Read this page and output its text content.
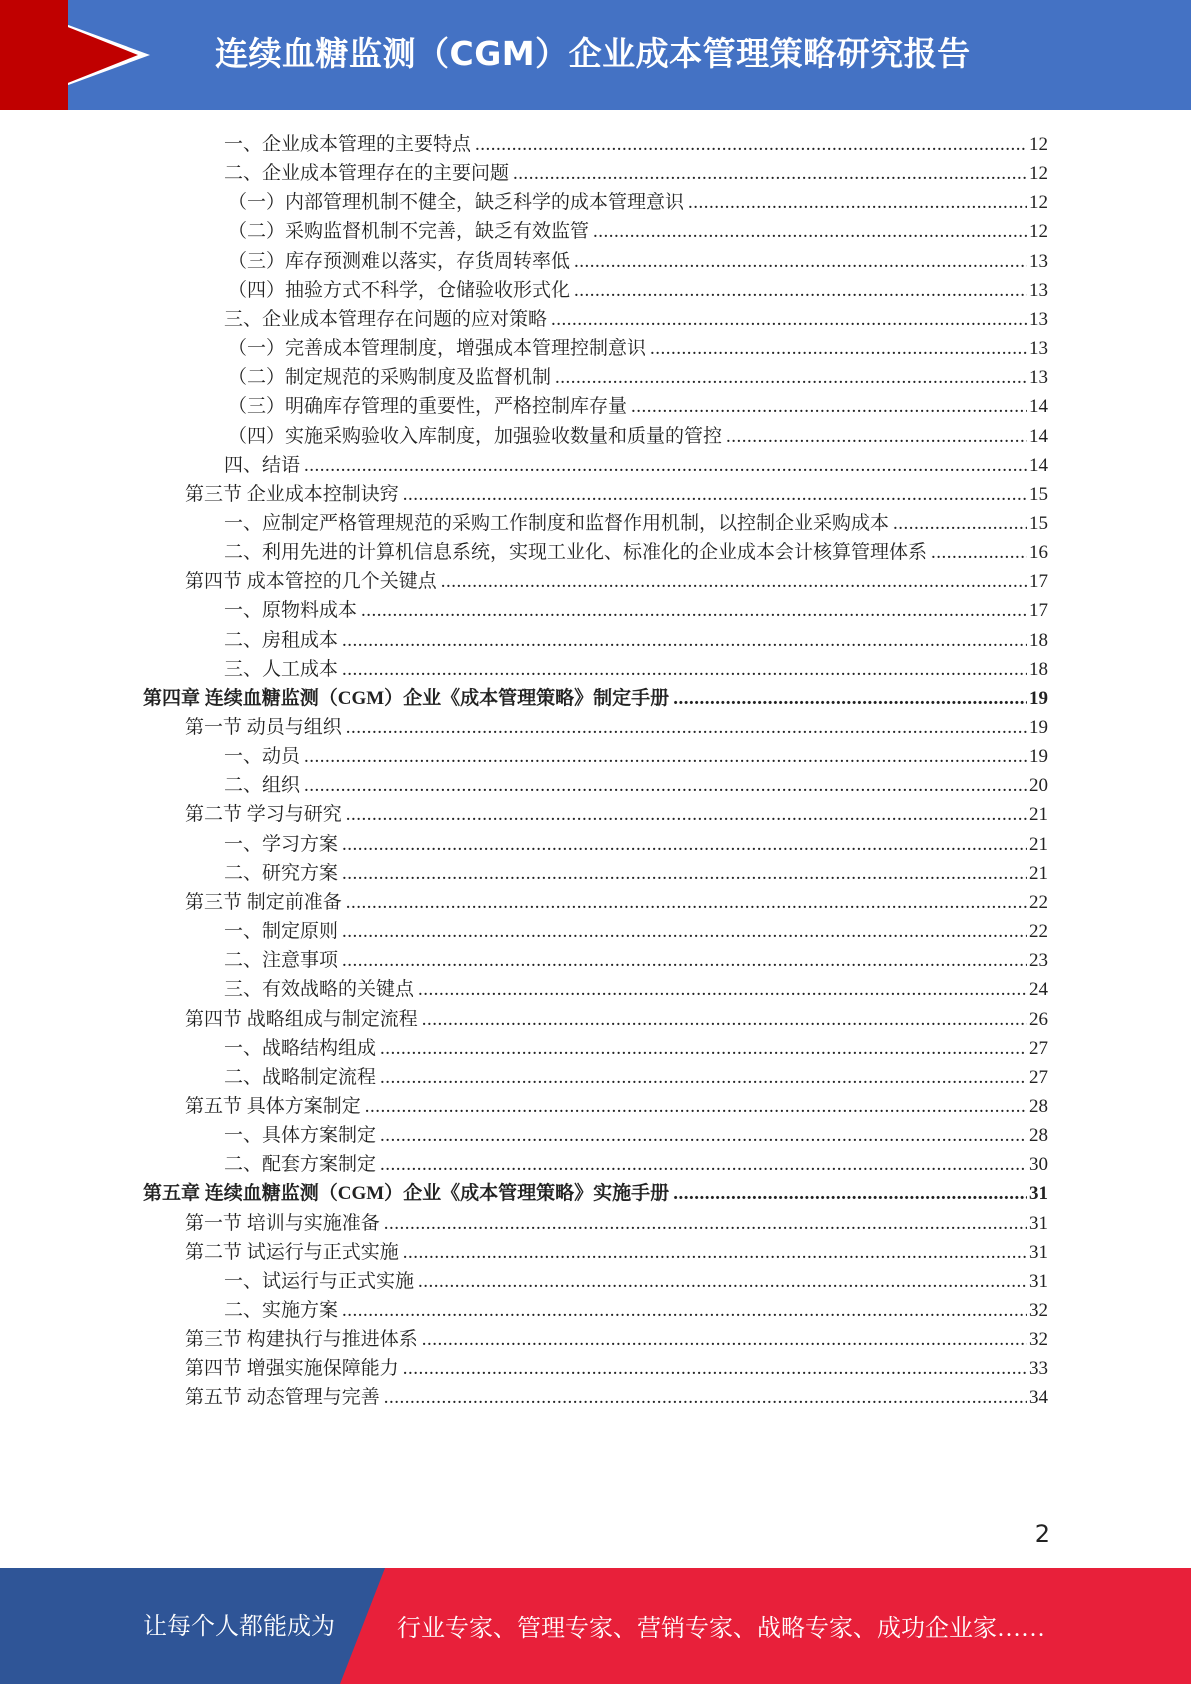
连续血糖监测（CGM）企业成本管理策略研究报告
一、企业成本管理的主要特点 .....	12
二、企业成本管理存在的主要问题 .....	12
（一）内部管理机制不健全，缺乏科学的成本管理意识 .....	12
（二）采购监督机制不完善，缺乏有效监管 .....	12
（三）库存预测难以落实，存货周转率低 .....	13
（四）抽验方式不科学，仓储验收形式化 .....	13
三、企业成本管理存在问题的应对策略 .....	13
（一）完善成本管理制度，增强成本管理控制意识 .....	13
（二）制定规范的采购制度及监督机制 .....	13
（三）明确库存管理的重要性，严格控制库存量 .....	14
（四）实施采购验收入库制度，加强验收数量和质量的管控 .....	14
四、结语 .....	14
第三节 企业成本控制诀窍 .....	15
一、应制定严格管理规范的采购工作制度和监督作用机制，以控制企业采购成本 .....	15
二、利用先进的计算机信息系统，实现工业化、标准化的企业成本会计核算管理体系 .....	16
第四节 成本管控的几个关键点 .....	17
一、原物料成本 .....	17
二、房租成本 .....	18
三、人工成本 .....	18
第四章 连续血糖监测（CGM）企业《成本管理策略》制定手册 .....	19
第一节 动员与组织 .....	19
一、动员 .....	19
二、组织 .....	20
第二节 学习与研究 .....	21
一、学习方案 .....	21
二、研究方案 .....	21
第三节 制定前准备 .....	22
一、制定原则 .....	22
二、注意事项 .....	23
三、有效战略的关键点 .....	24
第四节 战略组成与制定流程 .....	26
一、战略结构组成 .....	27
二、战略制定流程 .....	27
第五节 具体方案制定 .....	28
一、具体方案制定 .....	28
二、配套方案制定 .....	30
第五章 连续血糖监测（CGM）企业《成本管理策略》实施手册 .....	31
第一节 培训与实施准备 .....	31
第二节 试运行与正式实施 .....	31
一、试运行与正式实施 .....	31
二、实施方案 .....	32
第三节 构建执行与推进体系 .....	32
第四节 增强实施保障能力 .....	33
第五节 动态管理与完善 .....	34
2
让每个人都能成为	行业专家、管理专家、营销专家、战略专家、成功企业家……
